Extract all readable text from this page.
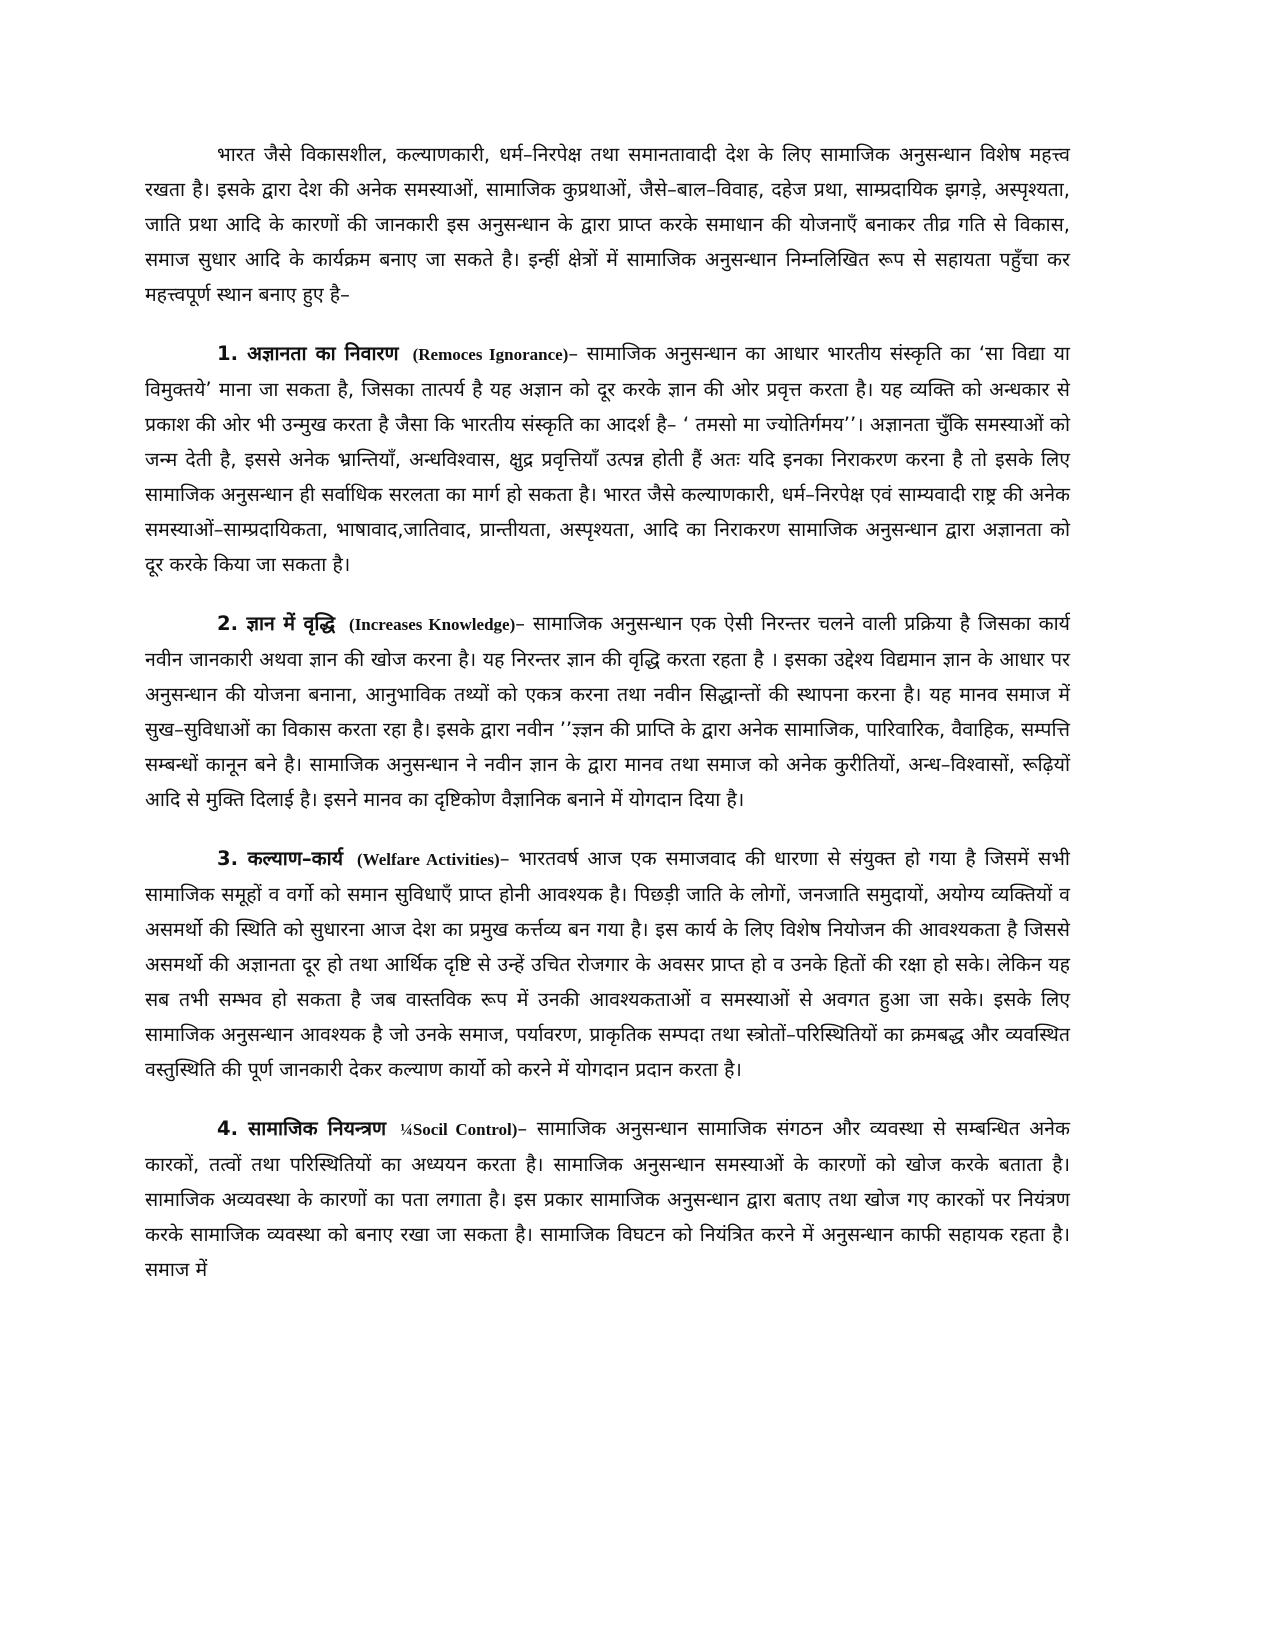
भारत जैसे विकासशील, कल्याणकारी, धर्म–निरपेक्ष तथा समानतावादी देश के लिए सामाजिक अनुसन्धान विशेष महत्त्व रखता है। इसके द्वारा देश की अनेक समस्याओं, सामाजिक कुप्रथाओं, जैसे–बाल–विवाह, दहेज प्रथा, साम्प्रदायिक झगड़े, अस्पृश्यता, जाति प्रथा आदि के कारणों की जानकारी इस अनुसन्धान के द्वारा प्राप्त करके समाधान की योजनाएँ बनाकर तीव्र गति से विकास, समाज सुधार आदि के कार्यक्रम बनाए जा सकते है। इन्हीं क्षेत्रों में सामाजिक अनुसन्धान निम्नलिखित रूप से सहायता पहुँचा कर महत्त्वपूर्ण स्थान बनाए हुए है–

1. अज्ञानता का निवारण (Remoces Ignorance)– सामाजिक अनुसन्धान का आधार भारतीय संस्कृति का ‘सा विद्या या विमुक्तये’ माना जा सकता है, जिसका तात्पर्य है यह अज्ञान को दूर करके ज्ञान की ओर प्रवृत्त करता है। यह व्यक्ति को अन्धकार से प्रकाश की ओर भी उन्मुख करता है जैसा कि भारतीय संस्कृति का आदर्श है– ‘ तमसो मा ज्योतिर्गमय’’। अज्ञानता चुँकि समस्याओं को जन्म देती है, इससे अनेक भ्रान्तियाँ, अन्धविश्वास, क्षुद्र प्रवृत्तियाँ उत्पन्न होती हैं अतः यदि इनका निराकरण करना है तो इसके लिए सामाजिक अनुसन्धान ही सर्वाधिक सरलता का मार्ग हो सकता है। भारत जैसे कल्याणकारी, धर्म–निरपेक्ष एवं साम्यवादी राष्ट्र की अनेक समस्याओं–साम्प्रदायिकता, भाषावाद,जातिवाद, प्रान्तीयता, अस्पृश्यता, आदि का निराकरण सामाजिक अनुसन्धान द्वारा अज्ञानता को दूर करके किया जा सकता है।

2. ज्ञान में वृद्धि (Increases Knowledge)– सामाजिक अनुसन्धान एक ऐसी निरन्तर चलने वाली प्रक्रिया है जिसका कार्य नवीन जानकारी अथवा ज्ञान की खोज करना है। यह निरन्तर ज्ञान की वृद्धि करता रहता है । इसका उद्देश्य विद्यमान ज्ञान के आधार पर अनुसन्धान की योजना बनाना, आनुभाविक तथ्यों को एकत्र करना तथा नवीन सिद्धान्तों की स्थापना करना है। यह मानव समाज में सुख–सुविधाओं का विकास करता रहा है। इसके द्वारा नवीन ’’ज्ञ्ज्ञन की प्राप्ति के द्वारा अनेक सामाजिक, पारिवारिक, वैवाहिक, सम्पत्ति सम्बन्धों कानून बने है। सामाजिक अनुसन्धान ने नवीन ज्ञान के द्वारा मानव तथा समाज को अनेक कुरीतियों, अन्ध–विश्वासों, रूढ़ियों आदि से मुक्ति दिलाई है। इसने मानव का दृष्टिकोण वैज्ञानिक बनाने में योगदान दिया है।

3. कल्याण–कार्य (Welfare Activities)– भारतवर्ष आज एक समाजवाद की धारणा से संयुक्त हो गया है जिसमें सभी सामाजिक समूहों व वर्गो को समान सुविधाएँ प्राप्त होनी आवश्यक है। पिछड़ी जाति के लोगों, जनजाति समुदायों, अयोग्य व्यक्तियों व असमर्थो की स्थिति को सुधारना आज देश का प्रमुख कर्त्तव्य बन गया है। इस कार्य के लिए विशेष नियोजन की आवश्यकता है जिससे असमर्थो की अज्ञानता दूर हो तथा आर्थिक दृष्टि से उन्हें उचित रोजगार के अवसर प्राप्त हो व उनके हितों की रक्षा हो सके। लेकिन यह सब तभी सम्भव हो सकता है जब वास्तविक रूप में उनकी आवश्यकताओं व समस्याओं से अवगत हुआ जा सके। इसके लिए सामाजिक अनुसन्धान आवश्यक है जो उनके समाज, पर्यावरण, प्राकृतिक सम्पदा तथा स्त्रोतों–परिस्थितियों का क्रमबद्ध और व्यवस्थित वस्तुस्थिति की पूर्ण जानकारी देकर कल्याण कार्यो को करने में योगदान प्रदान करता है।

4. सामाजिक नियन्त्रण ¼Socil Control)– सामाजिक अनुसन्धान सामाजिक संगठन और व्यवस्था से सम्बन्धित अनेक कारकों, तत्वों तथा परिस्थितियों का अध्ययन करता है। सामाजिक अनुसन्धान समस्याओं के कारणों को खोज करके बताता है। सामाजिक अव्यवस्था के कारणों का पता लगाता है। इस प्रकार सामाजिक अनुसन्धान द्वारा बताए तथा खोज गए कारकों पर नियंत्रण करके सामाजिक व्यवस्था को बनाए रखा जा सकता है। सामाजिक विघटन को नियंत्रित करने में अनुसन्धान काफी सहायक रहता है। समाज में
